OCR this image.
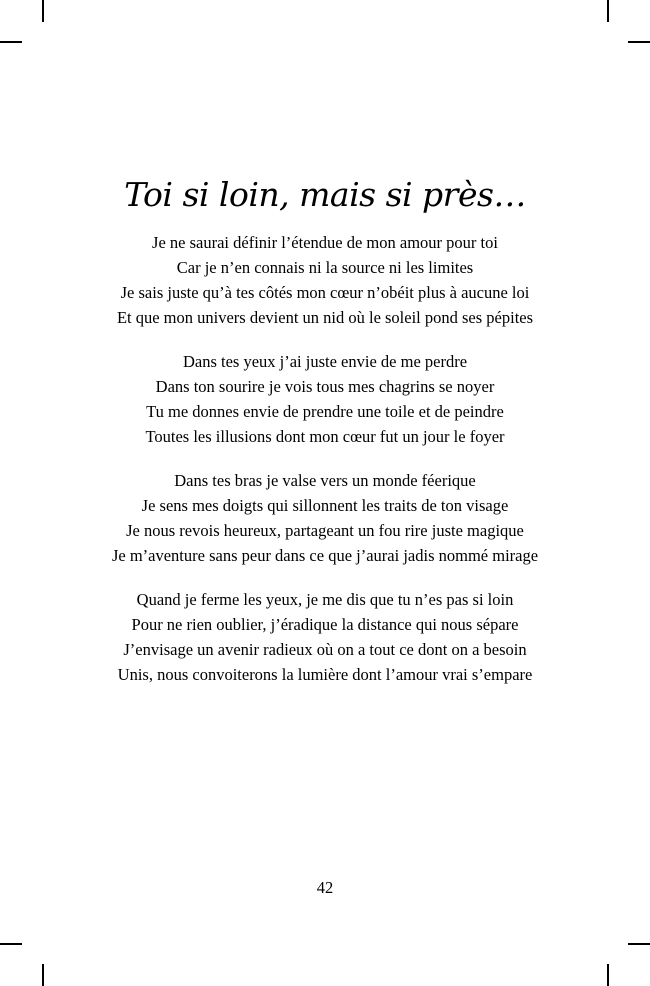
Toi si loin, mais si près…
Je ne saurai définir l’étendue de mon amour pour toi
Car je n’en connais ni la source ni les limites
Je sais juste qu’à tes côtés mon cœur n’obéit plus à aucune loi
Et que mon univers devient un nid où le soleil pond ses pépites
Dans tes yeux j’ai juste envie de me perdre
Dans ton sourire je vois tous mes chagrins se noyer
Tu me donnes envie de prendre une toile et de peindre
Toutes les illusions dont mon cœur fut un jour le foyer
Dans tes bras je valse vers un monde féerique
Je sens mes doigts qui sillonnent les traits de ton visage
Je nous revois heureux, partageant un fou rire juste magique
Je m’aventure sans peur dans ce que j’aurai jadis nommé mirage
Quand je ferme les yeux, je me dis que tu n’es pas si loin
Pour ne rien oublier, j’éradique la distance qui nous sépare
J’envisage un avenir radieux où on a tout ce dont on a besoin
Unis, nous convoiterons la lumière dont l’amour vrai s’empare
42
